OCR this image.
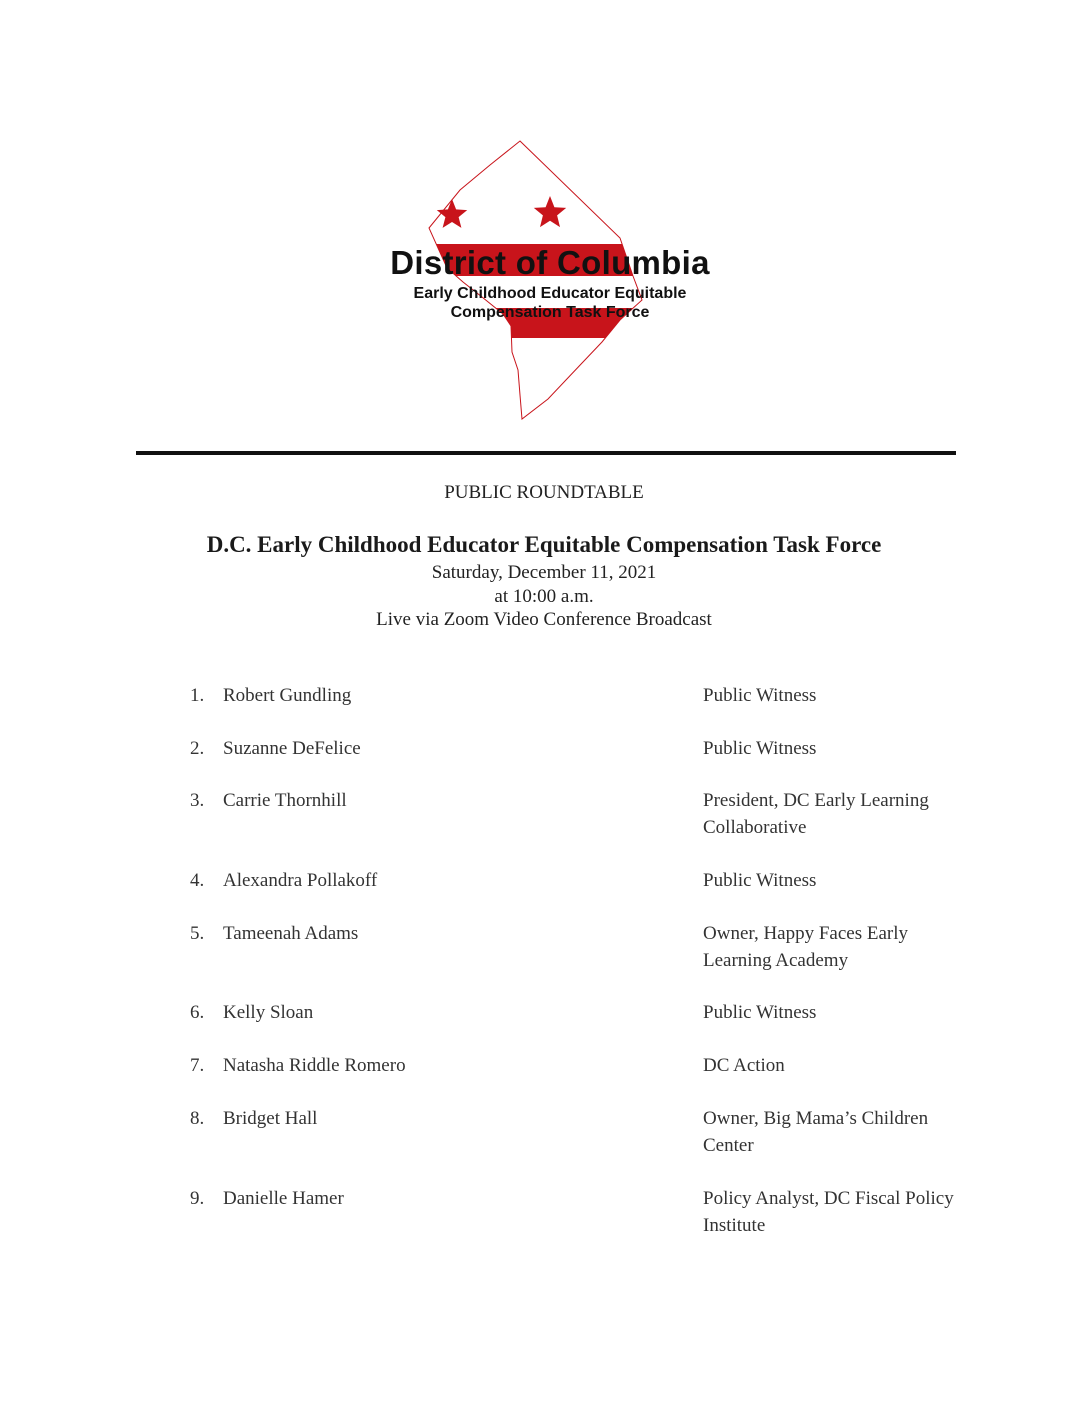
District of Columbia
Early Childhood Educator Equitable
Compensation Task Force
PUBLIC ROUNDTABLE
D.C. Early Childhood Educator Equitable Compensation Task Force
Saturday, December 11, 2021
at 10:00 a.m.
Live via Zoom Video Conference Broadcast
1. Robert Gundling	Public Witness
2. Suzanne DeFelice	Public Witness
3. Carrie Thornhill	President, DC Early Learning Collaborative
4. Alexandra Pollakoff	Public Witness
5. Tameenah Adams	Owner, Happy Faces Early Learning Academy
6. Kelly Sloan	Public Witness
7. Natasha Riddle Romero	DC Action
8. Bridget Hall	Owner, Big Mama’s Children Center
9. Danielle Hamer	Policy Analyst, DC Fiscal Policy Institute
